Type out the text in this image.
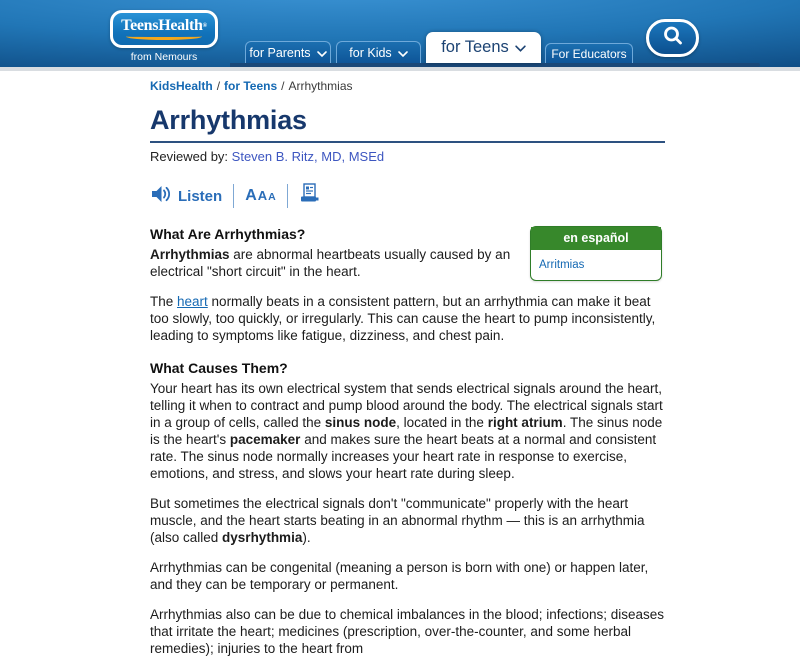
TeensHealth®
from Nemours	for Parents	for Kids	for Teens	For Educators
KidsHealth / for Teens / Arrhythmias
Arrhythmias
Reviewed by: Steven B. Ritz, MD, MSEd
Listen A A A
en español
Arritmias
What Are Arrhythmias?

Arrhythmias are abnormal heartbeats usually caused by an electrical "short circuit" in the heart.

The heart normally beats in a consistent pattern, but an arrhythmia can make it beat too slowly, too quickly, or irregularly. This can cause the heart to pump inconsistently, leading to symptoms like fatigue, dizziness, and chest pain.

What Causes Them?

Your heart has its own electrical system that sends electrical signals around the heart, telling it when to contract and pump blood around the body. The electrical signals start in a group of cells, called the sinus node, located in the right atrium. The sinus node is the heart's pacemaker and makes sure the heart beats at a normal and consistent rate. The sinus node normally increases your heart rate in response to exercise, emotions, and stress, and slows your heart rate during sleep.

But sometimes the electrical signals don't "communicate" properly with the heart muscle, and the heart starts beating in an abnormal rhythm — this is an arrhythmia (also called dysrhythmia).

Arrhythmias can be congenital (meaning a person is born with one) or happen later, and they can be temporary or permanent.

Arrhythmias also can be due to chemical imbalances in the blood; infections; diseases that irritate the heart; medicines (prescription, over-the-counter, and some herbal remedies); injuries to the heart from
